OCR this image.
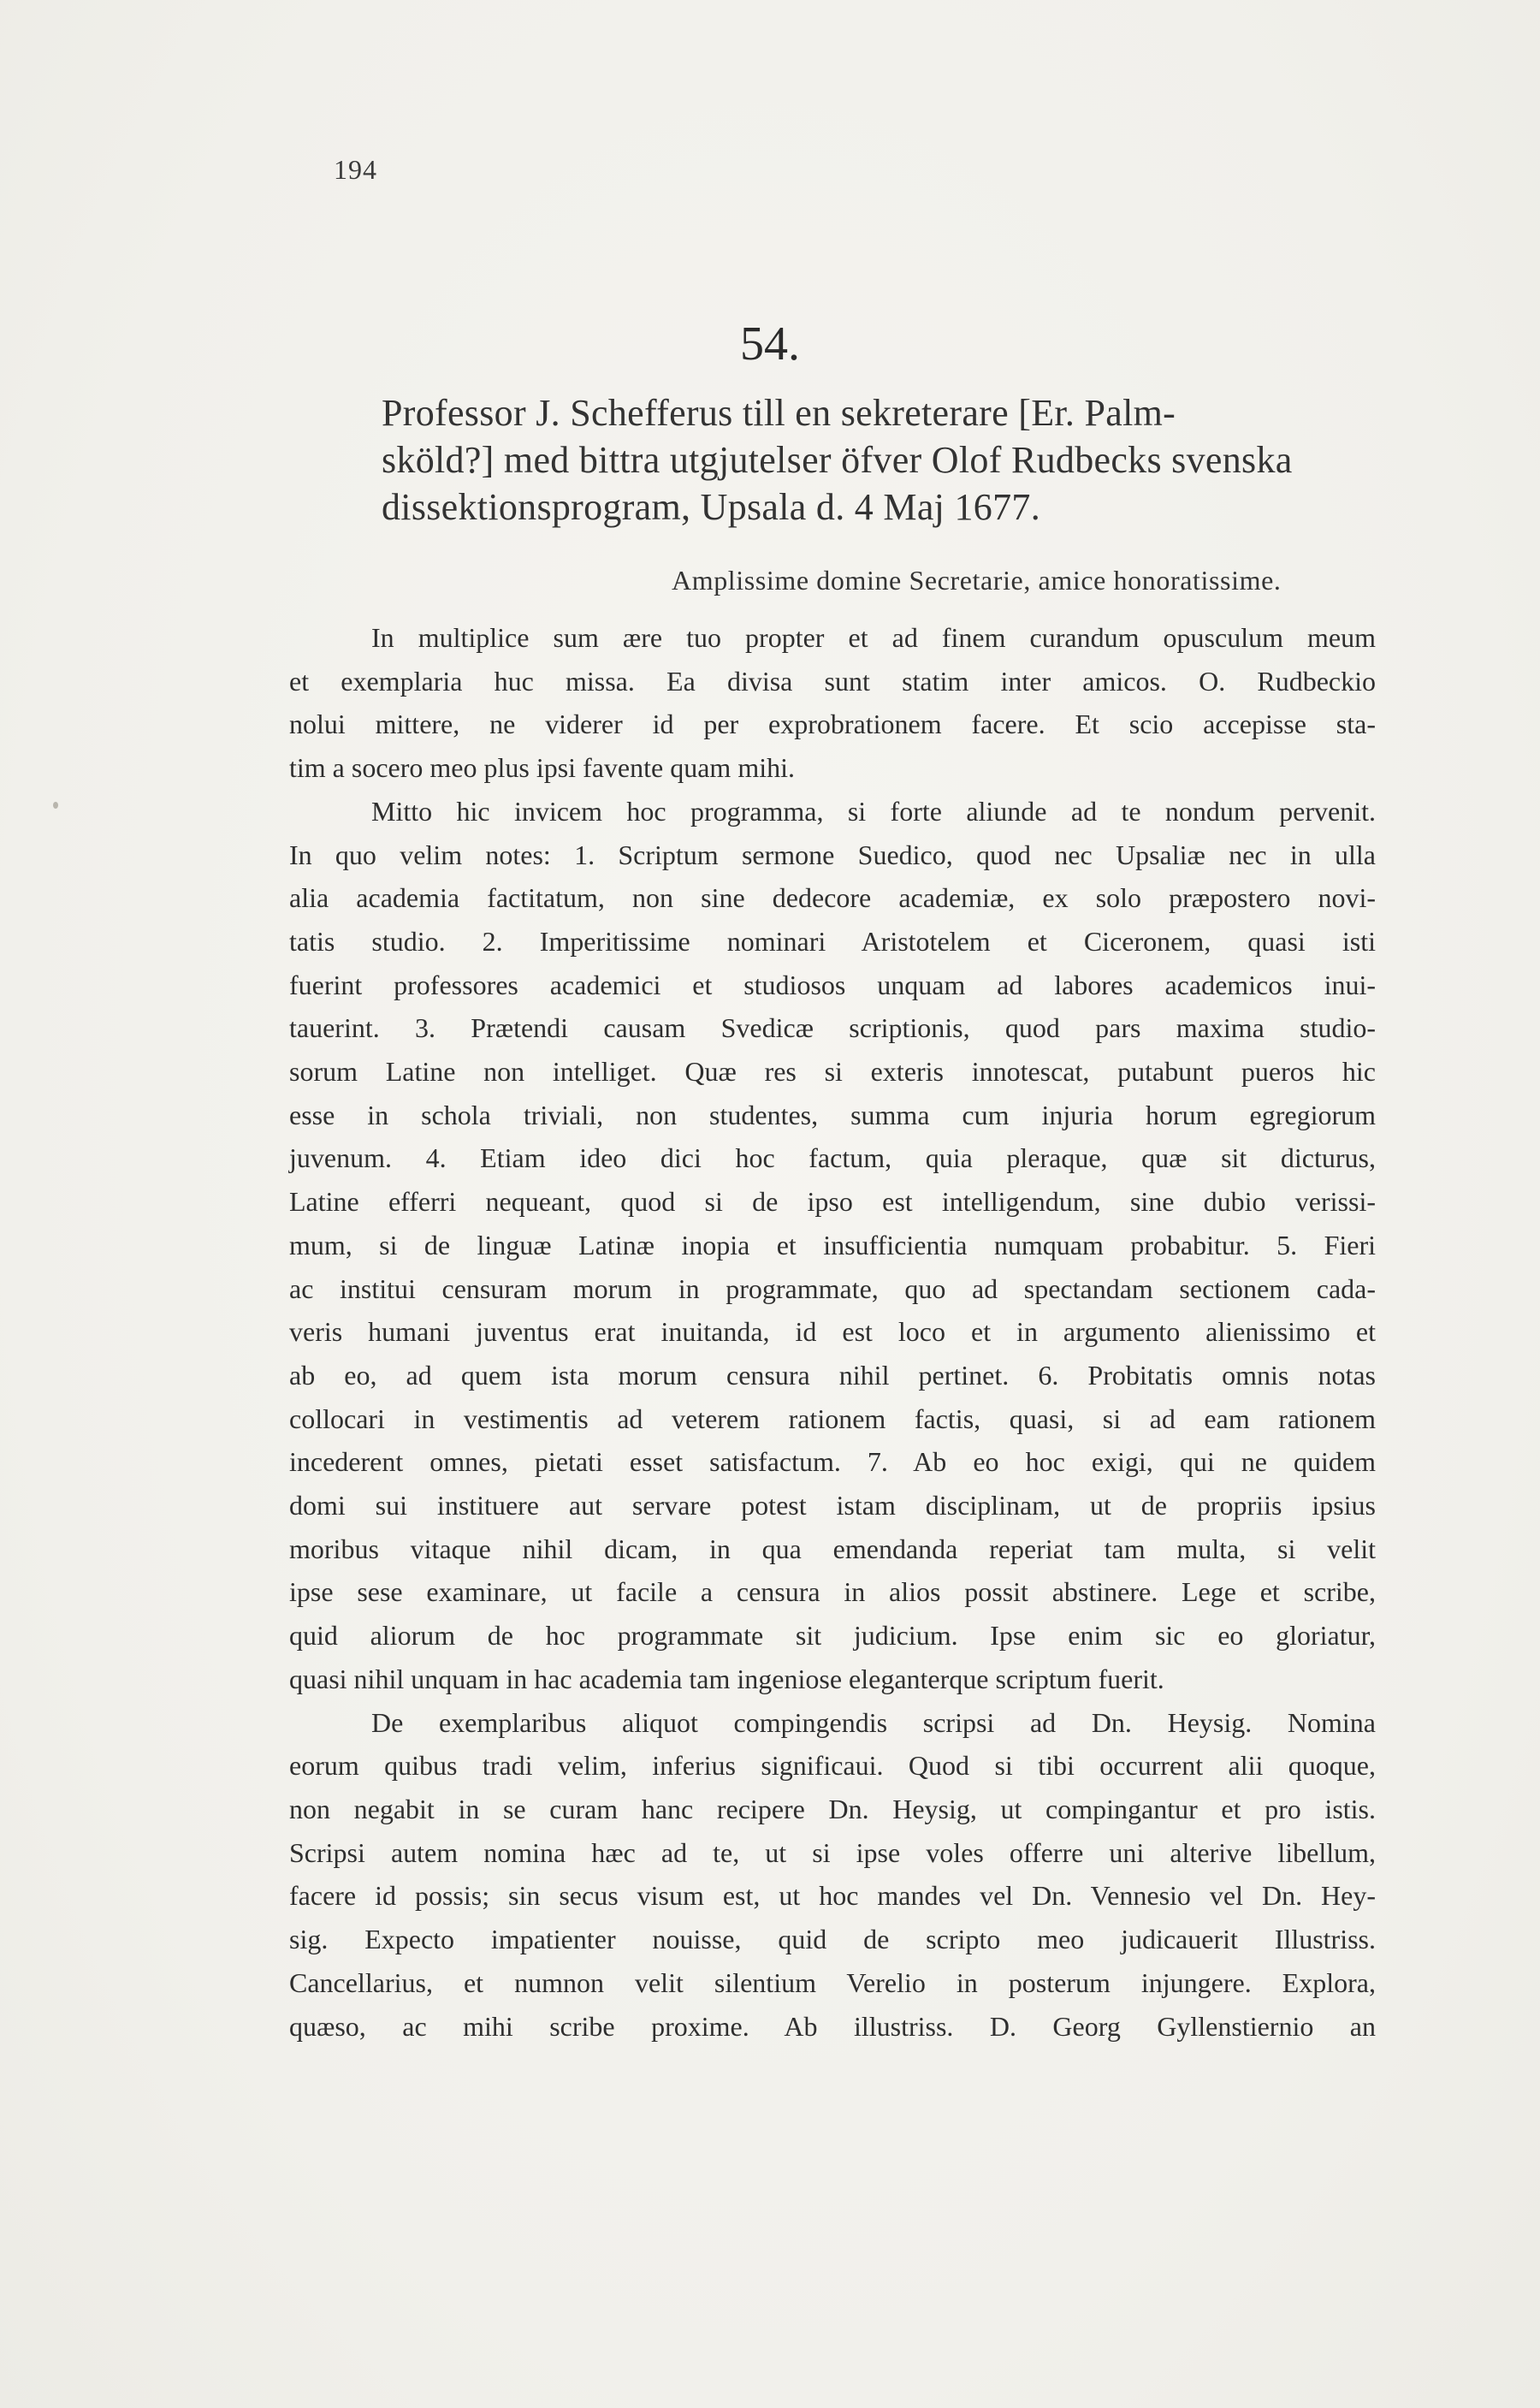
194
54.
Professor J. Schefferus till en sekreterare [Er. Palm-
sköld?] med bittra utgjutelser öfver Olof Rudbecks svenska
dissektionsprogram, Upsala d. 4 Maj 1677.
Amplissime domine Secretarie, amice honoratissime.
In multiplice sum ære tuo propter et ad finem curandum opusculum meum
et exemplaria huc missa. Ea divisa sunt statim inter amicos. O. Rudbeckio
nolui mittere, ne viderer id per exprobrationem facere. Et scio accepisse sta-
tim a socero meo plus ipsi favente quam mihi.
Mitto hic invicem hoc programma, si forte aliunde ad te nondum pervenit.
In quo velim notes: 1. Scriptum sermone Suedico, quod nec Upsaliæ nec in ulla
alia academia factitatum, non sine dedecore academiæ, ex solo præpostero novi-
tatis studio. 2. Imperitissime nominari Aristotelem et Ciceronem, quasi isti
fuerint professores academici et studiosos unquam ad labores academicos inui-
tauerint. 3. Prætendi causam Svedicæ scriptionis, quod pars maxima studio-
sorum Latine non intelliget. Quæ res si exteris innotescat, putabunt pueros hic
esse in schola triviali, non studentes, summa cum injuria horum egregiorum
juvenum. 4. Etiam ideo dici hoc factum, quia pleraque, quæ sit dicturus,
Latine efferri nequeant, quod si de ipso est intelligendum, sine dubio verissi-
mum, si de linguæ Latinæ inopia et insufficientia numquam probabitur. 5. Fieri
ac institui censuram morum in programmate, quo ad spectandam sectionem cada-
veris humani juventus erat inuitanda, id est loco et in argumento alienissimo et
ab eo, ad quem ista morum censura nihil pertinet. 6. Probitatis omnis notas
collocari in vestimentis ad veterem rationem factis, quasi, si ad eam rationem
incederent omnes, pietati esset satisfactum. 7. Ab eo hoc exigi, qui ne quidem
domi sui instituere aut servare potest istam disciplinam, ut de propriis ipsius
moribus vitaque nihil dicam, in qua emendanda reperiat tam multa, si velit
ipse sese examinare, ut facile a censura in alios possit abstinere. Lege et scribe,
quid aliorum de hoc programmate sit judicium. Ipse enim sic eo gloriatur,
quasi nihil unquam in hac academia tam ingeniose eleganterque scriptum fuerit.
De exemplaribus aliquot compingendis scripsi ad Dn. Heysig. Nomina
eorum quibus tradi velim, inferius significaui. Quod si tibi occurrent alii quoque,
non negabit in se curam hanc recipere Dn. Heysig, ut compingantur et pro istis.
Scripsi autem nomina hæc ad te, ut si ipse voles offerre uni alterive libellum,
facere id possis; sin secus visum est, ut hoc mandes vel Dn. Vennesio vel Dn. Hey-
sig. Expecto impatienter nouisse, quid de scripto meo judicauerit Illustriss.
Cancellarius, et numnon velit silentium Verelio in posterum injungere. Explora,
quæso, ac mihi scribe proxime. Ab illustriss. D. Georg Gyllenstiernio an
